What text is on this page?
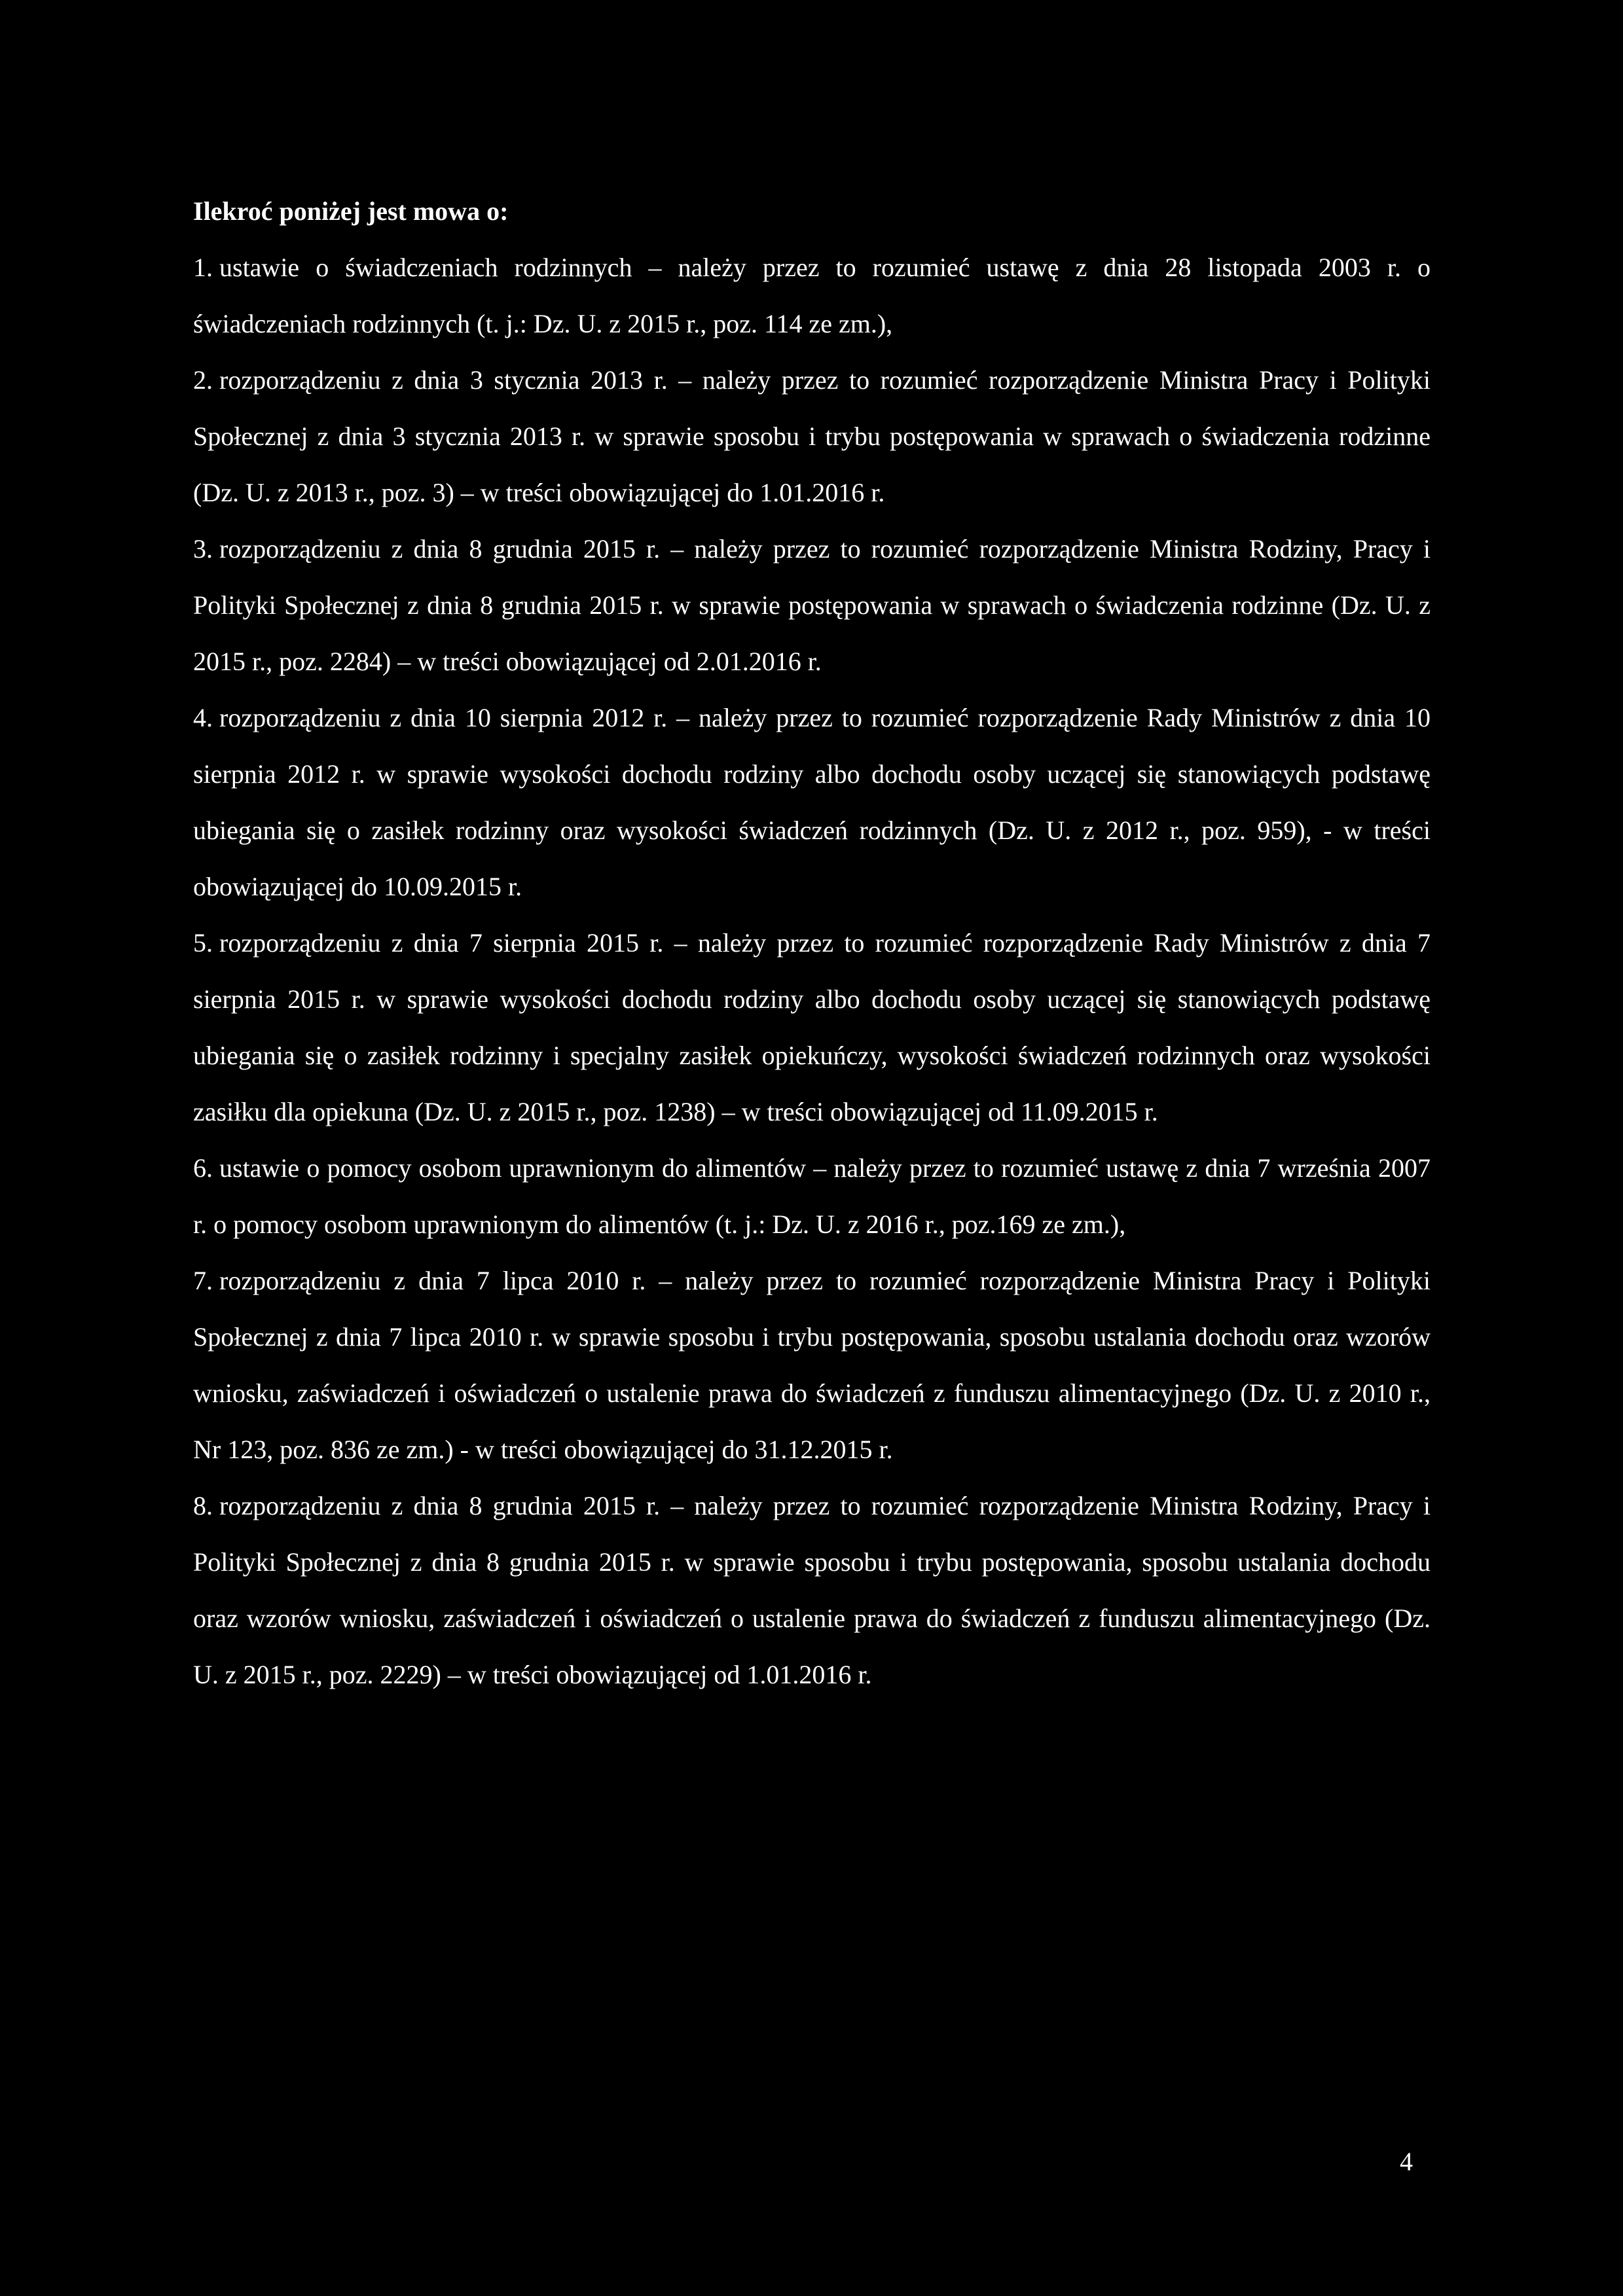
Ilekroć poniżej jest mowa o:

1. ustawie o świadczeniach rodzinnych – należy przez to rozumieć ustawę z dnia 28 listopada 2003 r. o świadczeniach rodzinnych (t. j.: Dz. U. z 2015 r., poz. 114 ze zm.),

2. rozporządzeniu z dnia 3 stycznia 2013 r. – należy przez to rozumieć rozporządzenie Ministra Pracy i Polityki Społecznej z dnia 3 stycznia 2013 r. w sprawie sposobu i trybu postępowania w sprawach o świadczenia rodzinne (Dz. U. z 2013 r., poz. 3) – w treści obowiązującej do 1.01.2016 r.

3. rozporządzeniu z dnia 8 grudnia 2015 r. – należy przez to rozumieć rozporządzenie Ministra Rodziny, Pracy i Polityki Społecznej z dnia 8 grudnia 2015 r. w sprawie postępowania w sprawach o świadczenia rodzinne (Dz. U. z 2015 r., poz. 2284) – w treści obowiązującej od 2.01.2016 r.

4. rozporządzeniu z dnia 10 sierpnia 2012 r. – należy przez to rozumieć rozporządzenie Rady Ministrów z dnia 10 sierpnia 2012 r. w sprawie wysokości dochodu rodziny albo dochodu osoby uczącej się stanowiących podstawę ubiegania się o zasiłek rodzinny oraz wysokości świadczeń rodzinnych (Dz. U. z 2012 r., poz. 959), - w treści obowiązującej do 10.09.2015 r.

5. rozporządzeniu z dnia 7 sierpnia 2015 r. – należy przez to rozumieć rozporządzenie Rady Ministrów z dnia 7 sierpnia 2015 r. w sprawie wysokości dochodu rodziny albo dochodu osoby uczącej się stanowiących podstawę ubiegania się o zasiłek rodzinny i specjalny zasiłek opiekuńczy, wysokości świadczeń rodzinnych oraz wysokości zasiłku dla opiekuna (Dz. U. z 2015 r., poz. 1238) – w treści obowiązującej od 11.09.2015 r.

6. ustawie o pomocy osobom uprawnionym do alimentów – należy przez to rozumieć ustawę z dnia 7 września 2007 r. o pomocy osobom uprawnionym do alimentów (t. j.: Dz. U. z 2016 r., poz.169 ze zm.),

7. rozporządzeniu z dnia 7 lipca 2010 r. – należy przez to rozumieć rozporządzenie Ministra Pracy i Polityki Społecznej z dnia 7 lipca 2010 r. w sprawie sposobu i trybu postępowania, sposobu ustalania dochodu oraz wzorów wniosku, zaświadczeń i oświadczeń o ustalenie prawa do świadczeń z funduszu alimentacyjnego (Dz. U. z 2010 r., Nr 123, poz. 836 ze zm.) - w treści obowiązującej do 31.12.2015 r.

8. rozporządzeniu z dnia 8 grudnia 2015 r. – należy przez to rozumieć rozporządzenie Ministra Rodziny, Pracy i Polityki Społecznej z dnia 8 grudnia 2015 r. w sprawie sposobu i trybu postępowania, sposobu ustalania dochodu oraz wzorów wniosku, zaświadczeń i oświadczeń o ustalenie prawa do świadczeń z funduszu alimentacyjnego (Dz. U. z 2015 r., poz. 2229) – w treści obowiązującej od 1.01.2016 r.

4
